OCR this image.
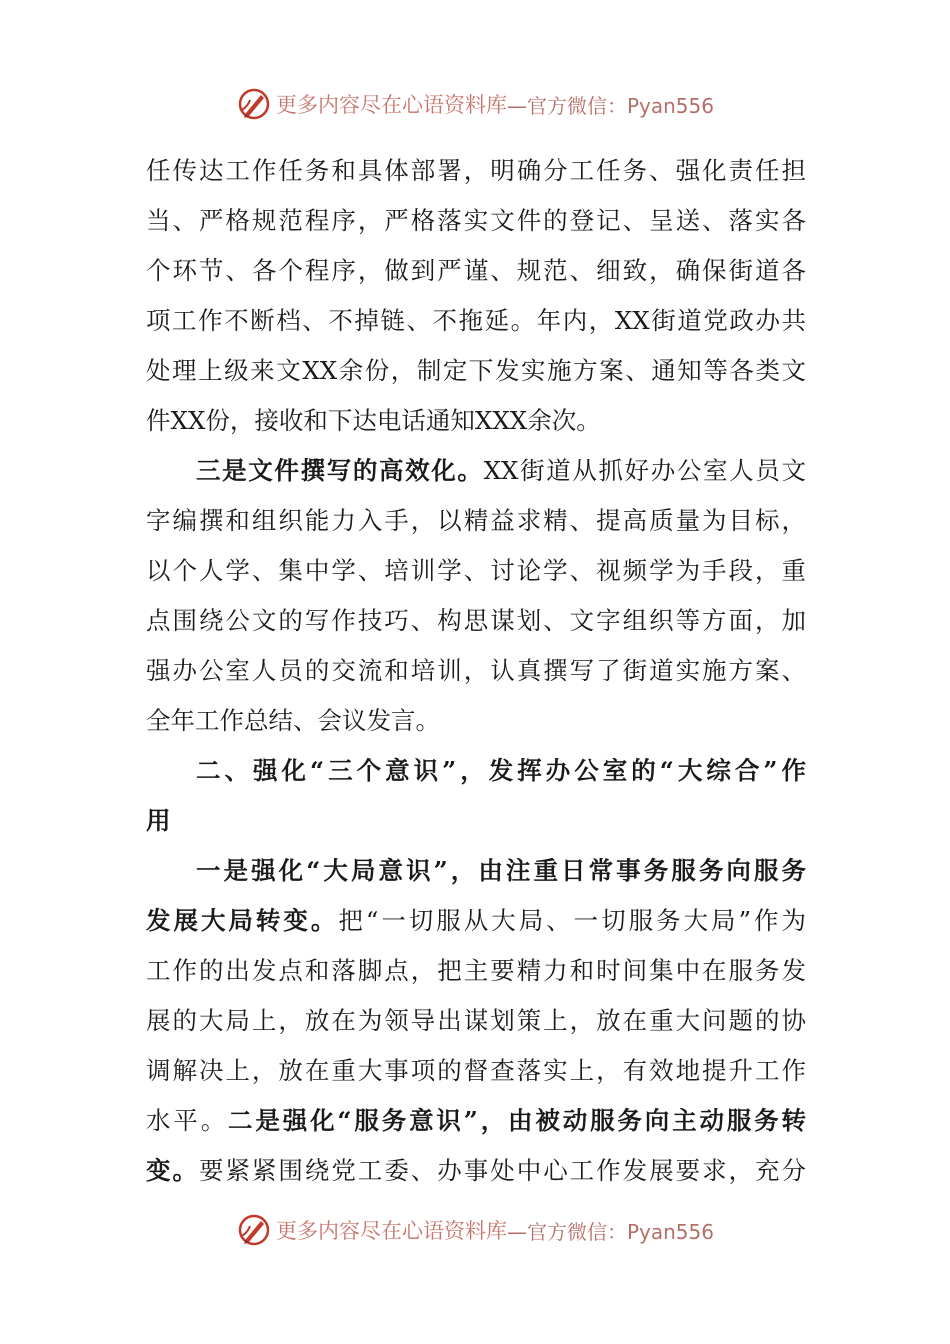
更多内容尽在心语资料库 —官方微信：Pyan556
任传达工作任务和具体部署，明确分工任务、强化责任担
当、严格规范程序，严格落实文件的登记、呈送、落实各
个环节、各个程序，做到严谨、规范、细致，确保街道各
项工作不断档、不掉链、不拖延。年内，XX街道党政办共
处理上级来文XX余份，制定下发实施方案、通知等各类文
件XX份，接收和下达电话通知XXX余次。
三是文件撰写的高效化。XX街道从抓好办公室人员文
字编撰和组织能力入手，以精益求精、提高质量为目标，
以个人学、集中学、培训学、讨论学、视频学为手段，重
点围绕公文的写作技巧、构思谋划、文字组织等方面，加
强办公室人员的交流和培训，认真撰写了街道实施方案、
全年工作总结、会议发言。
二、强化“三个意识”，发挥办公室的“大综合”作
用
一是强化“大局意识”，由注重日常事务服务向服务
发展大局转变。把“一切服从大局、一切服务大局”作为
工作的出发点和落脚点，把主要精力和时间集中在服务发
展的大局上，放在为领导出谋划策上，放在重大问题的协
调解决上，放在重大事项的督查落实上，有效地提升工作
水平。二是强化“服务意识”，由被动服务向主动服务转
变。要紧紧围绕党工委、办事处中心工作发展要求，充分
更多内容尽在心语资料库 —官方微信：Pyan556
